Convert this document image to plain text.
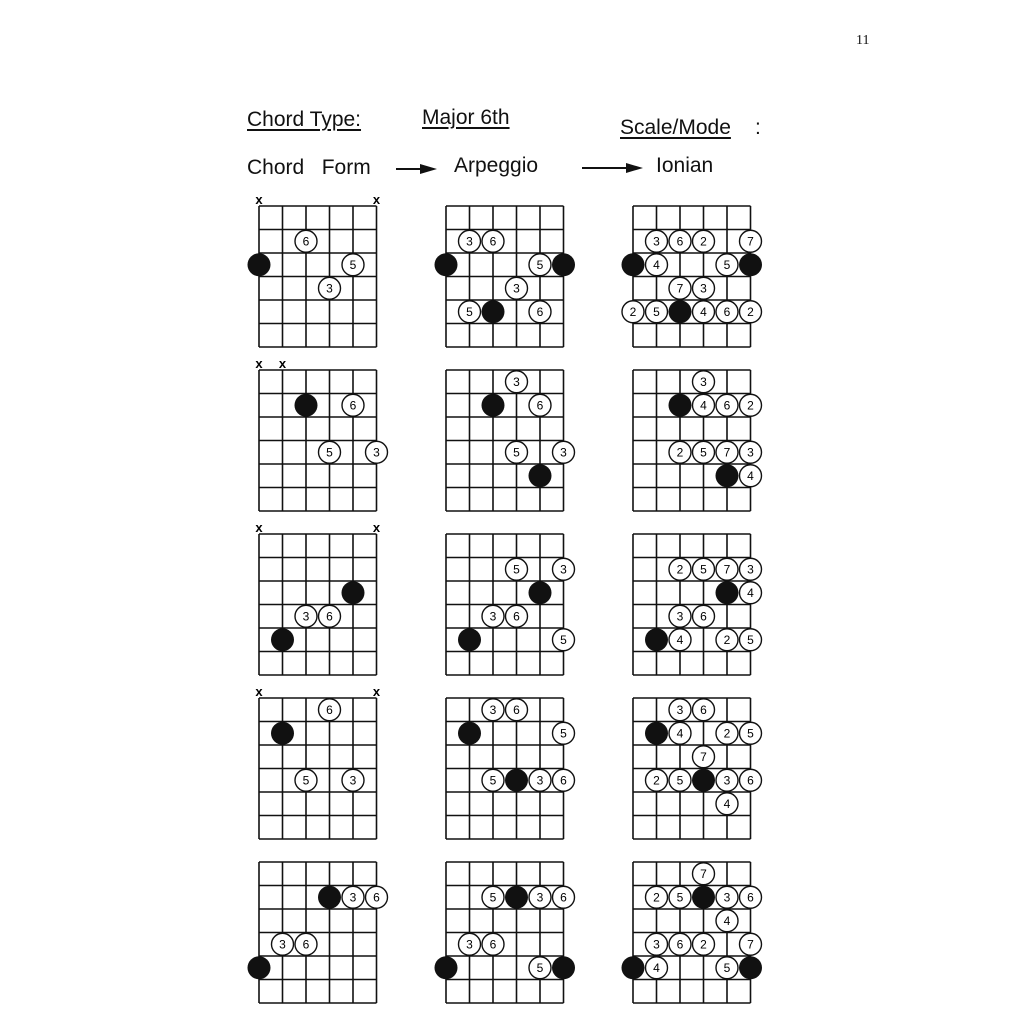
11
Chord Type:	Major 6th	Scale/Mode :
Chord   Form	Arpeggio	Ionian
x	x
6
5
3
3 6
5
3
5	6
3 6 2	7
4	5
7 3
2 5	4 6 2
x x
6
5	3
3
6
5	3
3
4 6 2
2 5 7 3
4
x	x
3 6
5	3
3 6
5
2 5 7 3
4
3 6
4	2 5
x	x
6
5	3
3 6
5
5	3 6
3 6
4	2 5
7
2 5	3 6
4
3 6
3 6
5	3 6
3 6
5
7
2 5	3 6
4
3 6 2	7
4	5
